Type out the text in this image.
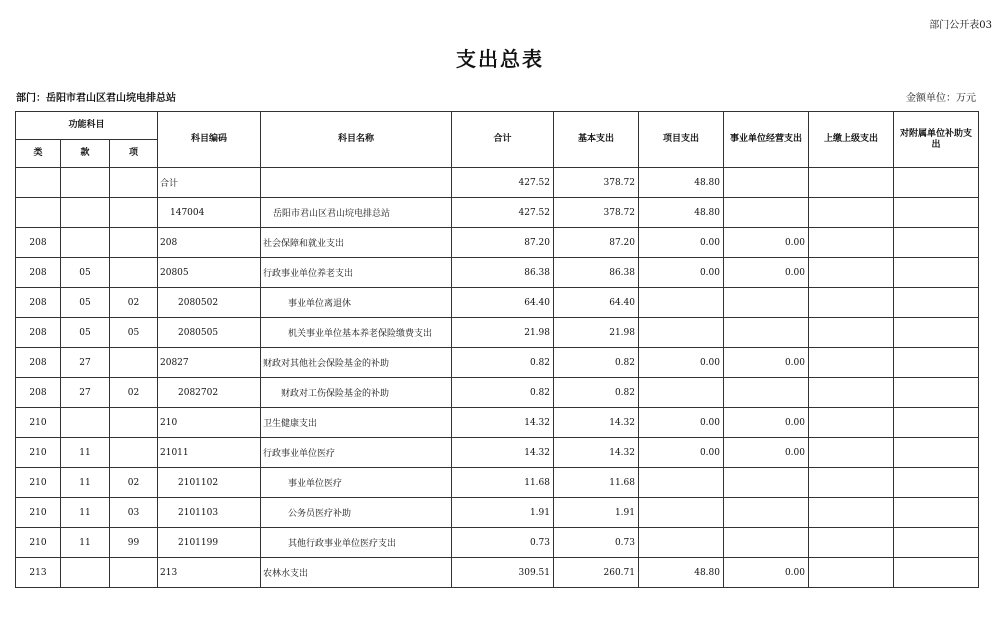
部门公开表03
支出总表
部门：岳阳市君山区君山垸电排总站	金额单位：万元
功能科目			科目编码	科目名称	合计	基本支出	项目支出	事业单位经营支出	上缴上级支出	对附属单位补助支出
类	款	项								
			合计		427.52	378.72	48.80			
			147004	岳阳市君山区君山垸电排总站	427.52	378.72	48.80			
208			208	社会保障和就业支出	87.20	87.20	0.00	0.00		
208	05		20805	行政事业单位养老支出	86.38	86.38	0.00	0.00		
208	05	02	2080502	事业单位离退休	64.40	64.40				
208	05	05	2080505	机关事业单位基本养老保险缴费支出	21.98	21.98				
208	27		20827	财政对其他社会保险基金的补助	0.82	0.82	0.00	0.00		
208	27	02	2082702	财政对工伤保险基金的补助	0.82	0.82				
210			210	卫生健康支出	14.32	14.32	0.00	0.00		
210	11		21011	行政事业单位医疗	14.32	14.32	0.00	0.00		
210	11	02	2101102	事业单位医疗	11.68	11.68				
210	11	03	2101103	公务员医疗补助	1.91	1.91				
210	11	99	2101199	其他行政事业单位医疗支出	0.73	0.73				
213			213	农林水支出	309.51	260.71	48.80	0.00		
